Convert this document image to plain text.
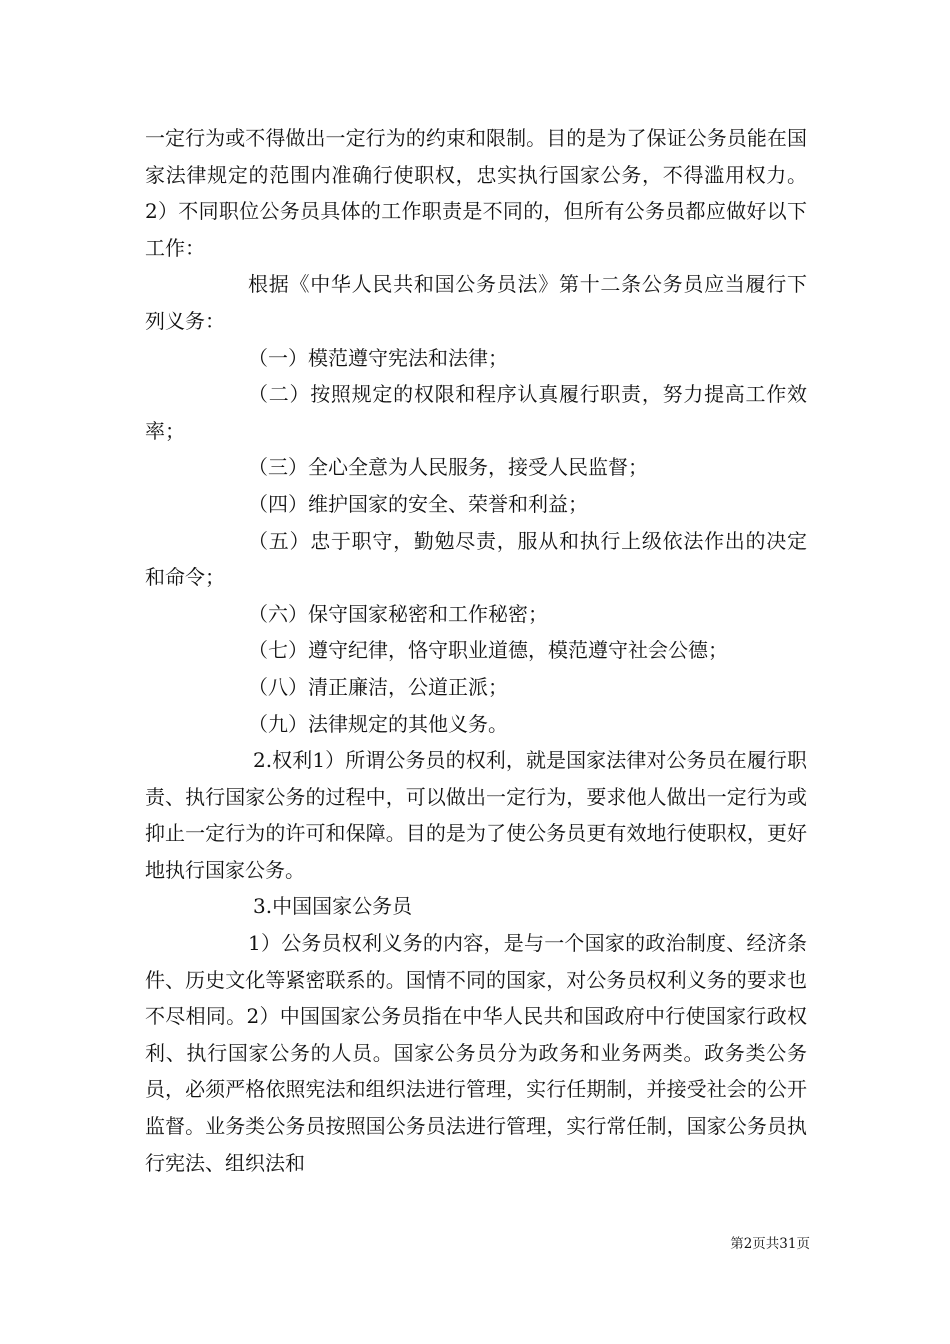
一定行为或不得做出一定行为的约束和限制。目的是为了保证公务员能在国家法律规定的范围内准确行使职权，忠实执行国家公务，不得滥用权力。2）不同职位公务员具体的工作职责是不同的，但所有公务员都应做好以下工作：

根据《中华人民共和国公务员法》第十二条公务员应当履行下列义务：

（一）模范遵守宪法和法律；

（二）按照规定的权限和程序认真履行职责，努力提高工作效率；

（三）全心全意为人民服务，接受人民监督；

（四）维护国家的安全、荣誉和利益；

（五）忠于职守，勤勉尽责，服从和执行上级依法作出的决定和命令；

（六）保守国家秘密和工作秘密；

（七）遵守纪律，恪守职业道德，模范遵守社会公德；

（八）清正廉洁，公道正派；

（九）法律规定的其他义务。

2.权利1）所谓公务员的权利，就是国家法律对公务员在履行职责、执行国家公务的过程中，可以做出一定行为，要求他人做出一定行为或抑止一定行为的许可和保障。目的是为了使公务员更有效地行使职权，更好地执行国家公务。

3.中国国家公务员

1）公务员权利义务的内容，是与一个国家的政治制度、经济条件、历史文化等紧密联系的。国情不同的国家，对公务员权利义务的要求也不尽相同。2）中国国家公务员指在中华人民共和国政府中行使国家行政权利、执行国家公务的人员。国家公务员分为政务和业务两类。政务类公务员，必须严格依照宪法和组织法进行管理，实行任期制，并接受社会的公开监督。业务类公务员按照国公务员法进行管理，实行常任制，国家公务员执行宪法、组织法和

第2页共31页
